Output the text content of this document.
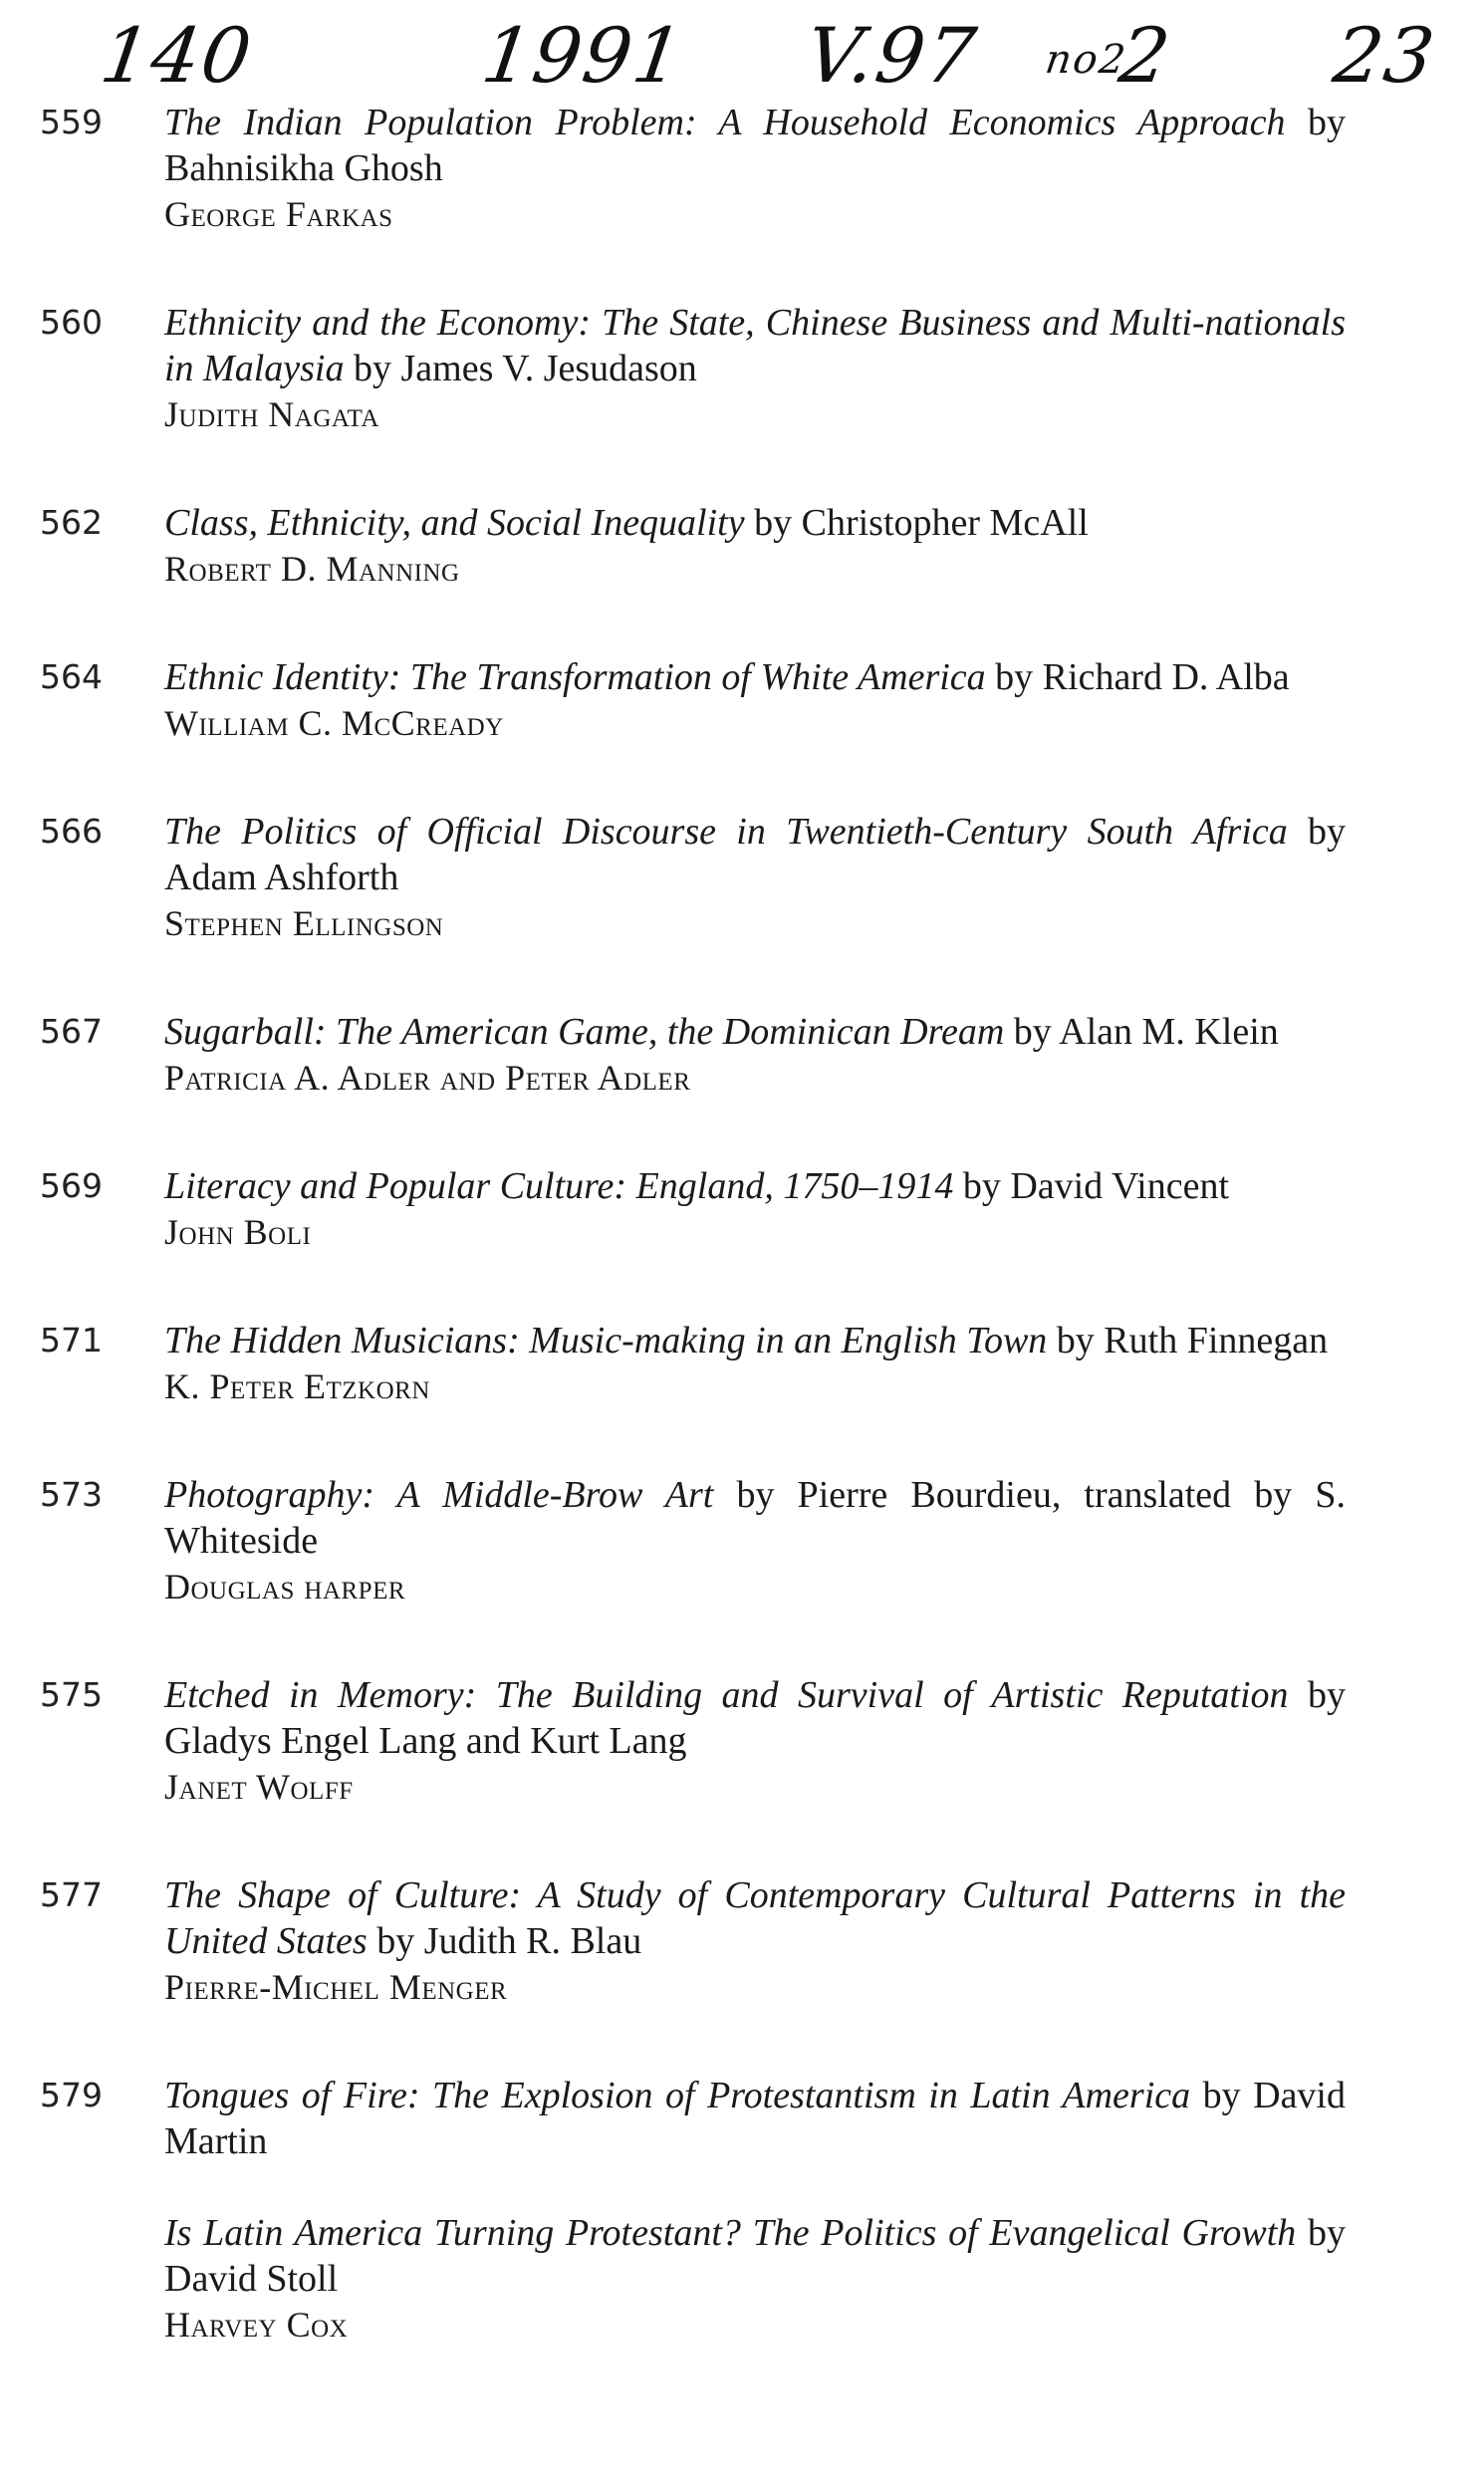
140	1991 V.97 no2
2 23
559 The Indian Population Problem: A Household Economics Approach by Bahnisikha Ghosh
George Farkas
560 Ethnicity and the Economy: The State, Chinese Business and Multi-nationals in Malaysia by James V. Jesudason
Judith Nagata
562 Class, Ethnicity, and Social Inequality by Christopher McAll
Robert D. Manning
564 Ethnic Identity: The Transformation of White America by Richard D. Alba
William C. McCready
566 The Politics of Official Discourse in Twentieth-Century South Africa by Adam Ashforth
Stephen Ellingson
567 Sugarball: The American Game, the Dominican Dream by Alan M. Klein
Patricia A. Adler and Peter Adler
569 Literacy and Popular Culture: England, 1750–1914 by David Vincent
John Boli
571 The Hidden Musicians: Music-making in an English Town by Ruth Finnegan
K. Peter Etzkorn
573 Photography: A Middle-Brow Art by Pierre Bourdieu, translated by S. Whiteside
Douglas harper
575 Etched in Memory: The Building and Survival of Artistic Reputation by Gladys Engel Lang and Kurt Lang
Janet Wolff
577 The Shape of Culture: A Study of Contemporary Cultural Patterns in the United States by Judith R. Blau
Pierre-Michel Menger
579 Tongues of Fire: The Explosion of Protestantism in Latin America by David Martin
Is Latin America Turning Protestant? The Politics of Evangelical Growth by David Stoll
Harvey Cox
